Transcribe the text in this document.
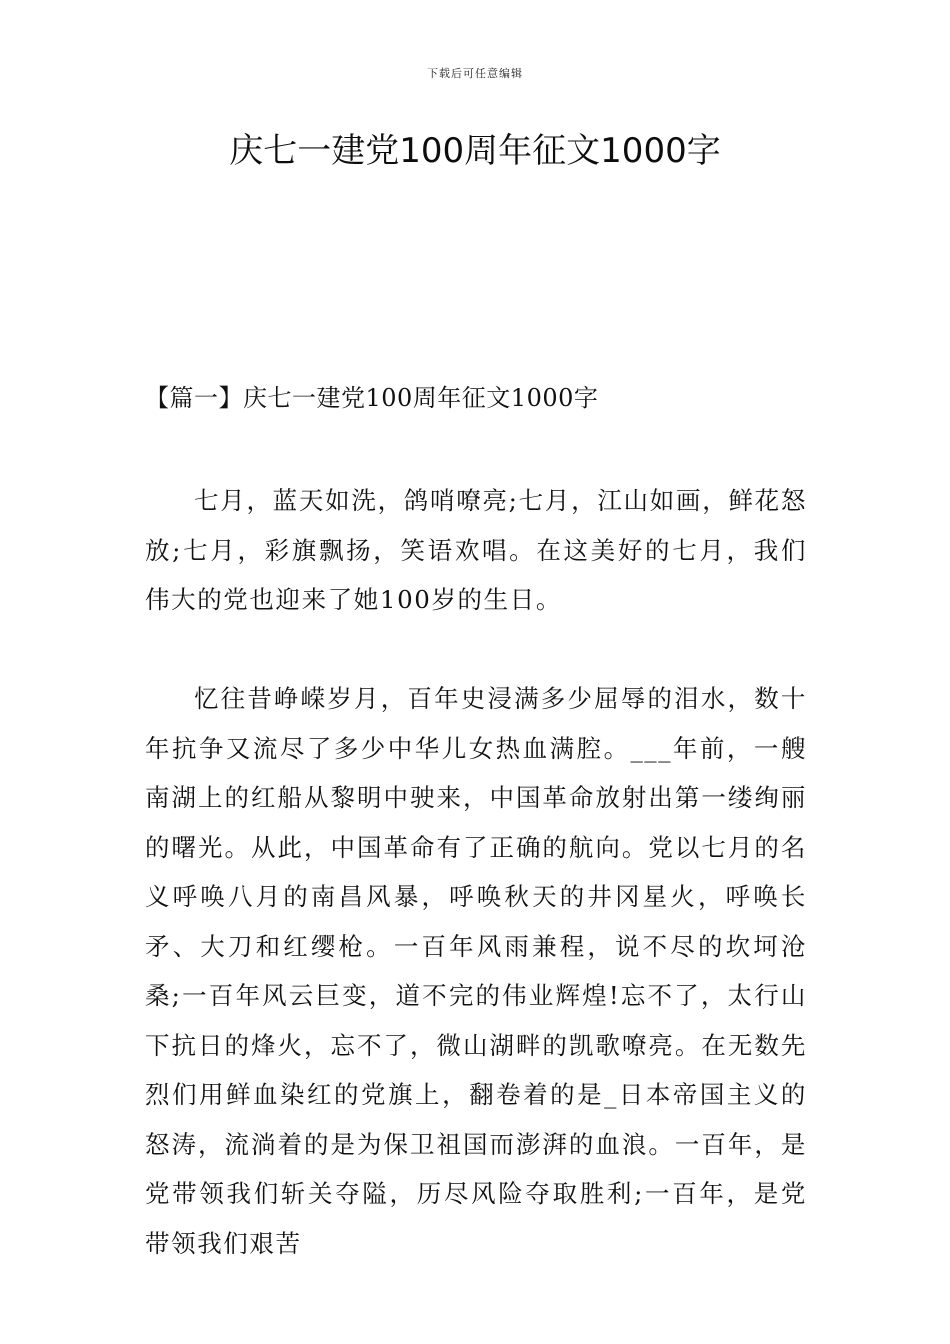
下载后可任意编辑
庆七一建党100周年征文1000字
【篇一】庆七一建党100周年征文1000字

七月，蓝天如洗，鸽哨嘹亮;七月，江山如画，鲜花怒放;七月，彩旗飘扬，笑语欢唱。在这美好的七月，我们伟大的党也迎来了她100岁的生日。

忆往昔峥嵘岁月，百年史浸满多少屈辱的泪水，数十年抗争又流尽了多少中华儿女热血满腔。___年前，一艘南湖上的红船从黎明中驶来，中国革命放射出第一缕绚丽的曙光。从此，中国革命有了正确的航向。党以七月的名义呼唤八月的南昌风暴，呼唤秋天的井冈星火，呼唤长矛、大刀和红缨枪。一百年风雨兼程，说不尽的坎坷沧桑;一百年风云巨变，道不完的伟业辉煌!忘不了，太行山下抗日的烽火，忘不了，微山湖畔的凯歌嘹亮。在无数先烈们用鲜血染红的党旗上，翻卷着的是_日本帝国主义的怒涛，流淌着的是为保卫祖国而澎湃的血浪。一百年，是党带领我们斩关夺隘，历尽风险夺取胜利;一百年，是党带领我们艰苦
